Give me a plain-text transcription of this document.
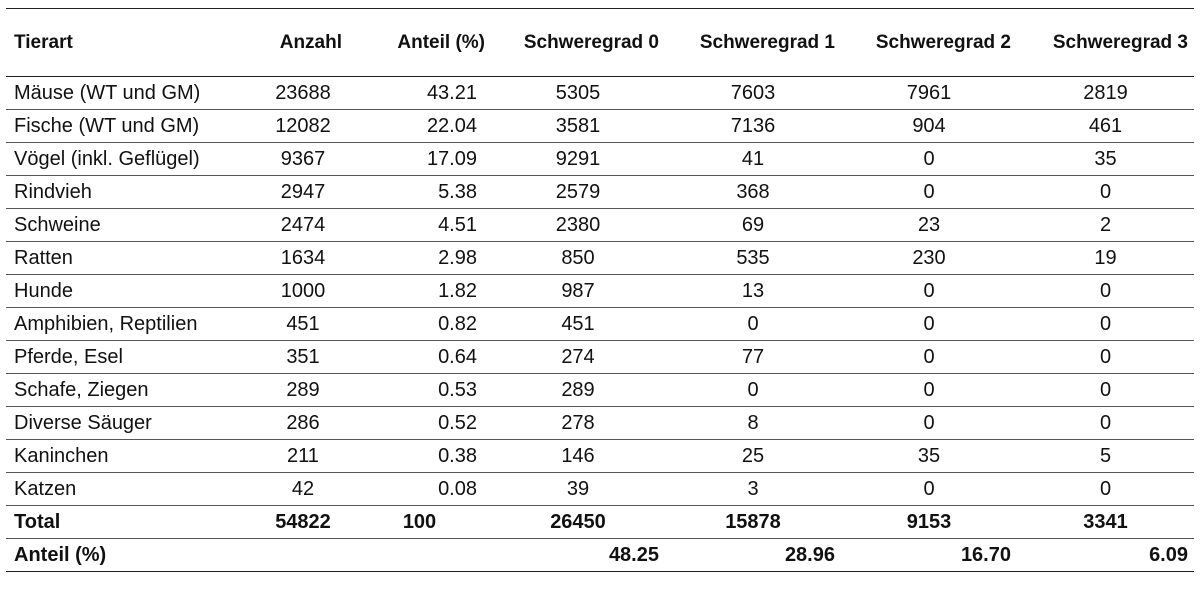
Tierart	Anzahl	Anteil (%)	Schweregrad 0	Schweregrad 1	Schweregrad 2	Schweregrad 3
Mäuse (WT und GM)	23688	43.21	5305	7603	7961	2819
Fische (WT und GM)	12082	22.04	3581	7136	904	461
Vögel (inkl. Geflügel)	9367	17.09	9291	41	0	35
Rindvieh	2947	5.38	2579	368	0	0
Schweine	2474	4.51	2380	69	23	2
Ratten	1634	2.98	850	535	230	19
Hunde	1000	1.82	987	13	0	0
Amphibien, Reptilien	451	0.82	451	0	0	0
Pferde, Esel	351	0.64	274	77	0	0
Schafe, Ziegen	289	0.53	289	0	0	0
Diverse Säuger	286	0.52	278	8	0	0
Kaninchen	211	0.38	146	25	35	5
Katzen	42	0.08	39	3	0	0
Total	54822	100	26450	15878	9153	3341
Anteil (%)			48.25	28.96	16.70	6.09
